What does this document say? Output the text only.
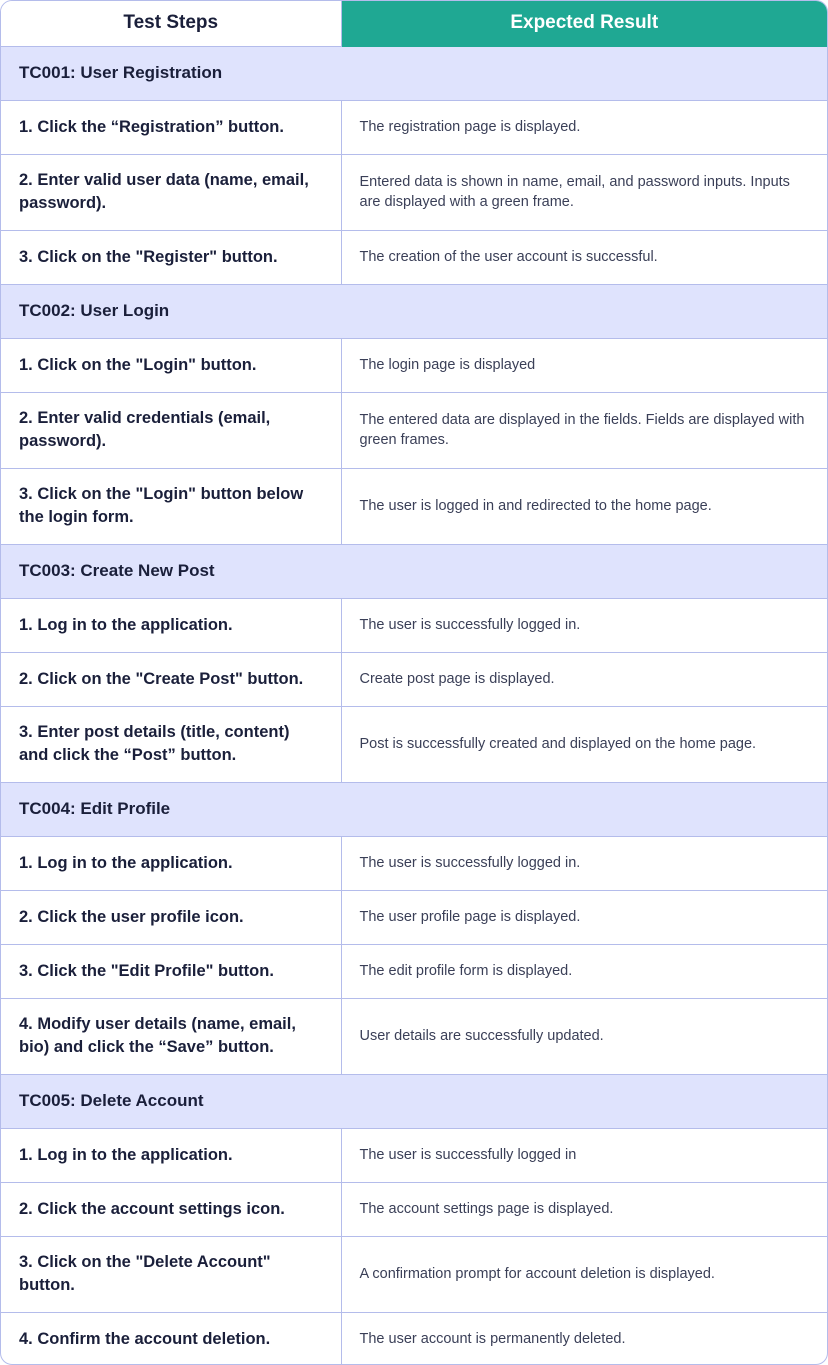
Test Steps	Expected Result
TC001: User Registration	
1. Click the “Registration” button.	The registration page is displayed.
2. Enter valid user data (name, email, password).	Entered data is shown in name, email, and password inputs. Inputs are displayed with a green frame.
3. Click on the "Register" button.	The creation of the user account is successful.
TC002: User Login	
1. Click on the "Login" button.	The login page is displayed
2. Enter valid credentials (email, password).	The entered data are displayed in the fields. Fields are displayed with green frames.
3. Click on the "Login" button below the login form.	The user is logged in and redirected to the home page.
TC003: Create New Post	
1. Log in to the application.	The user is successfully logged in.
2. Click on the "Create Post" button.	Create post page is displayed.
3. Enter post details (title, content) and click the “Post” button.	Post is successfully created and displayed on the home page.
TC004: Edit Profile	
1. Log in to the application.	The user is successfully logged in.
2. Click the user profile icon.	The user profile page is displayed.
3. Click the "Edit Profile" button.	The edit profile form is displayed.
4. Modify user details (name, email, bio) and click the “Save” button.	User details are successfully updated.
TC005: Delete Account	
1. Log in to the application.	The user is successfully logged in
2. Click the account settings icon.	The account settings page is displayed.
3. Click on the "Delete Account" button.	A confirmation prompt for account deletion is displayed.
4. Confirm the account deletion.	The user account is permanently deleted.
